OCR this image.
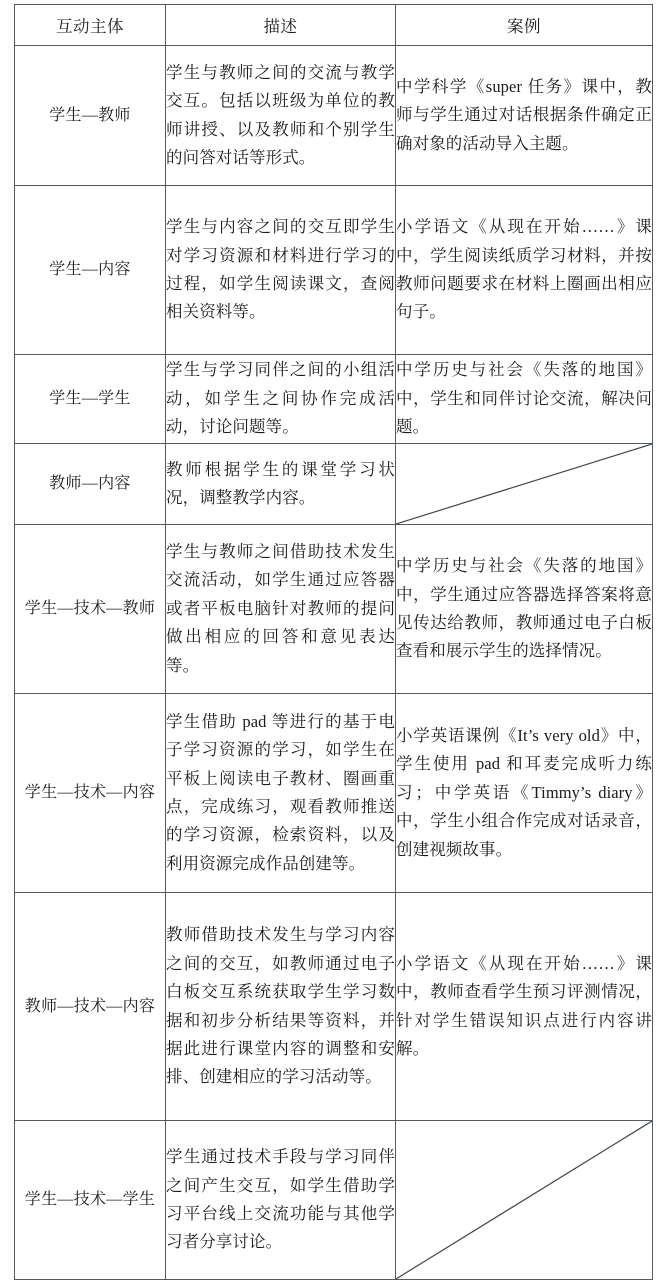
互动主体	描述	案例
学生—教师	学生与教师之间的交流与教学交互。包括以班级为单位的教师讲授、以及教师和个别学生的问答对话等形式。	中学科学《super 任务》课中，教师与学生通过对话根据条件确定正确对象的活动导入主题。
学生—内容	学生与内容之间的交互即学生对学习资源和材料进行学习的过程，如学生阅读课文，查阅相关资料等。	小学语文《从现在开始……》课中，学生阅读纸质学习材料，并按教师问题要求在材料上圈画出相应句子。
学生—学生	学生与学习同伴之间的小组活动，如学生之间协作完成活动，讨论问题等。	中学历史与社会《失落的地国》中，学生和同伴讨论交流，解决问题。
教师—内容	教师根据学生的课堂学习状况，调整教学内容。	

学生—技术—教师	学生与教师之间借助技术发生交流活动，如学生通过应答器或者平板电脑针对教师的提问做出相应的回答和意见表达等。	中学历史与社会《失落的地国》中，学生通过应答器选择答案将意见传达给教师，教师通过电子白板查看和展示学生的选择情况。
学生—技术—内容	学生借助 pad 等进行的基于电子学习资源的学习，如学生在平板上阅读电子教材、圈画重点，完成练习，观看教师推送的学习资源，检索资料，以及利用资源完成作品创建等。	小学英语课例《It’s very old》中，学生使用 pad 和耳麦完成听力练习；中学英语《Timmy’s diary》中，学生小组合作完成对话录音，创建视频故事。
教师—技术—内容	教师借助技术发生与学习内容之间的交互，如教师通过电子白板交互系统获取学生学习数据和初步分析结果等资料，并据此进行课堂内容的调整和安排、创建相应的学习活动等。	小学语文《从现在开始……》课中，教师查看学生预习评测情况，针对学生错误知识点进行内容讲解。
学生—技术—学生	学生通过技术手段与学习同伴之间产生交互，如学生借助学习平台线上交流功能与其他学习者分享讨论。	
